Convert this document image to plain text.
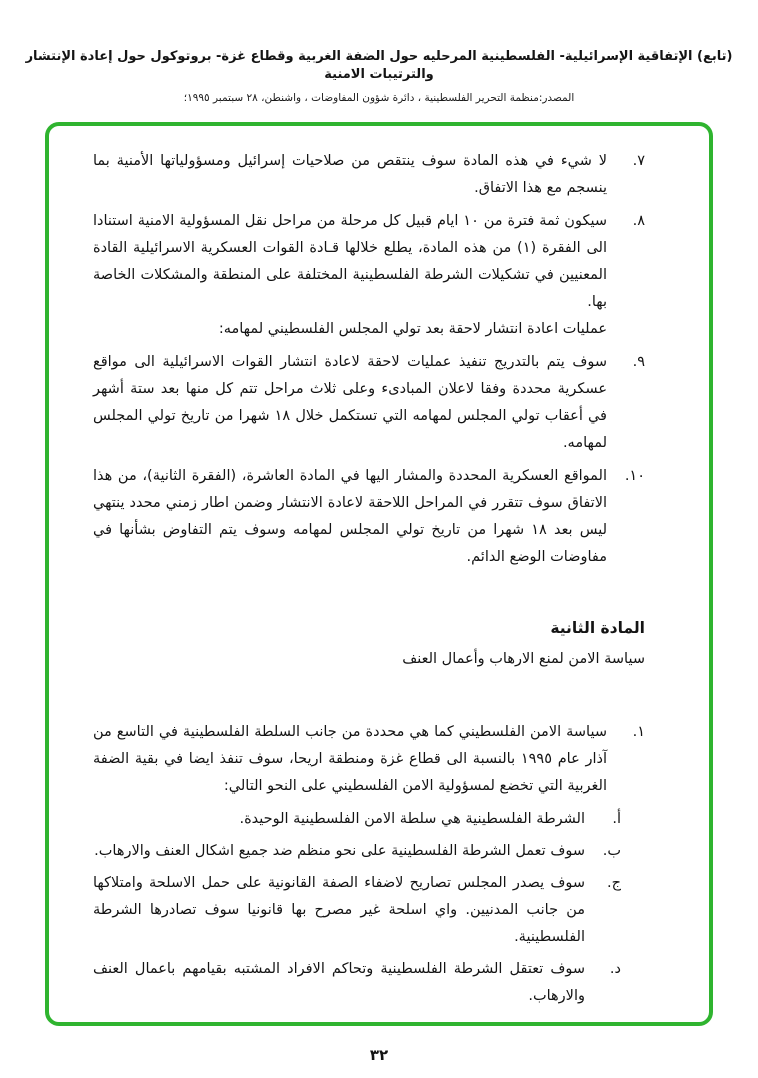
(تابع) الإتفاقية الإسرائيلية- الفلسطينية المرحليه حول الضفة الغربية وقطاع غزة- بروتوكول حول إعادة الإنتشار والترتيبات الامنية
المصدر:منظمة التحرير الفلسطينية ، دائرة شؤون المفاوضات ، واشنطن، ٢٨ سبتمبر ١٩٩٥؛
٧.
لا شيء في هذه المادة سوف ينتقص من صلاحيات إسرائيل ومسؤولياتها الأمنية بما ينسجم مع هذا الاتفاق.
٨.
سيكون ثمة فترة من ١٠ ايام قبيل كل مرحلة من مراحل نقل المسؤولية الامنية استنادا الى الفقرة (١) من هذه المادة، يطلع خلالها قـادة القوات العسكرية الاسرائيلية القادة المعنيين في تشكيلات الشرطة الفلسطينية المختلفة على المنطقة والمشكلات الخاصة بها.
عمليات اعادة انتشار لاحقة بعد تولي المجلس الفلسطيني لمهامه:
٩.
سوف يتم بالتدريج تنفيذ عمليات لاحقة لاعادة انتشار القوات الاسرائيلية الى مواقع عسكرية محددة وفقا لاعلان المبادىء وعلى ثلاث مراحل تتم كل منها بعد ستة أشهر في أعقاب تولي المجلس لمهامه التي تستكمل خلال ١٨ شهرا من تاريخ تولي المجلس لمهامه.
١٠.
المواقع العسكرية المحددة والمشار اليها في المادة العاشرة، (الفقرة الثانية)، من هذا الاتفاق سوف تتقرر في المراحل اللاحقة لاعادة الانتشار وضمن اطار زمني محدد ينتهي ليس بعد ١٨ شهرا من تاريخ تولي المجلس لمهامه وسوف يتم التفاوض بشأنها في مفاوضات الوضع الدائم.
المادة الثانية
سياسة الامن لمنع الارهاب وأعمال العنف
١.
سياسة الامن الفلسطيني كما هي محددة من جانب السلطة الفلسطينية في التاسع من آذار عام ١٩٩٥ بالنسبة الى قطاع غزة ومنطقة اريحا، سوف تنفذ ايضا في بقية الضفة الغربية التي تخضع لمسؤولية الامن الفلسطيني على النحو التالي:
أ.
الشرطة الفلسطينية هي سلطة الامن الفلسطينية الوحيدة.
ب.
سوف تعمل الشرطة الفلسطينية على نحو منظم ضد جميع اشكال العنف والارهاب.
ج.
سوف يصدر المجلس تصاريح لاضفاء الصفة القانونية على حمل الاسلحة وامتلاكها من جانب المدنيين. واي اسلحة غير مصرح بها قانونيا سوف تصادرها الشرطة الفلسطينية.
د.
سوف تعتقل الشرطة الفلسطينية وتحاكم الافراد المشتبه بقيامهم باعمال العنف والارهاب.
٣٢
